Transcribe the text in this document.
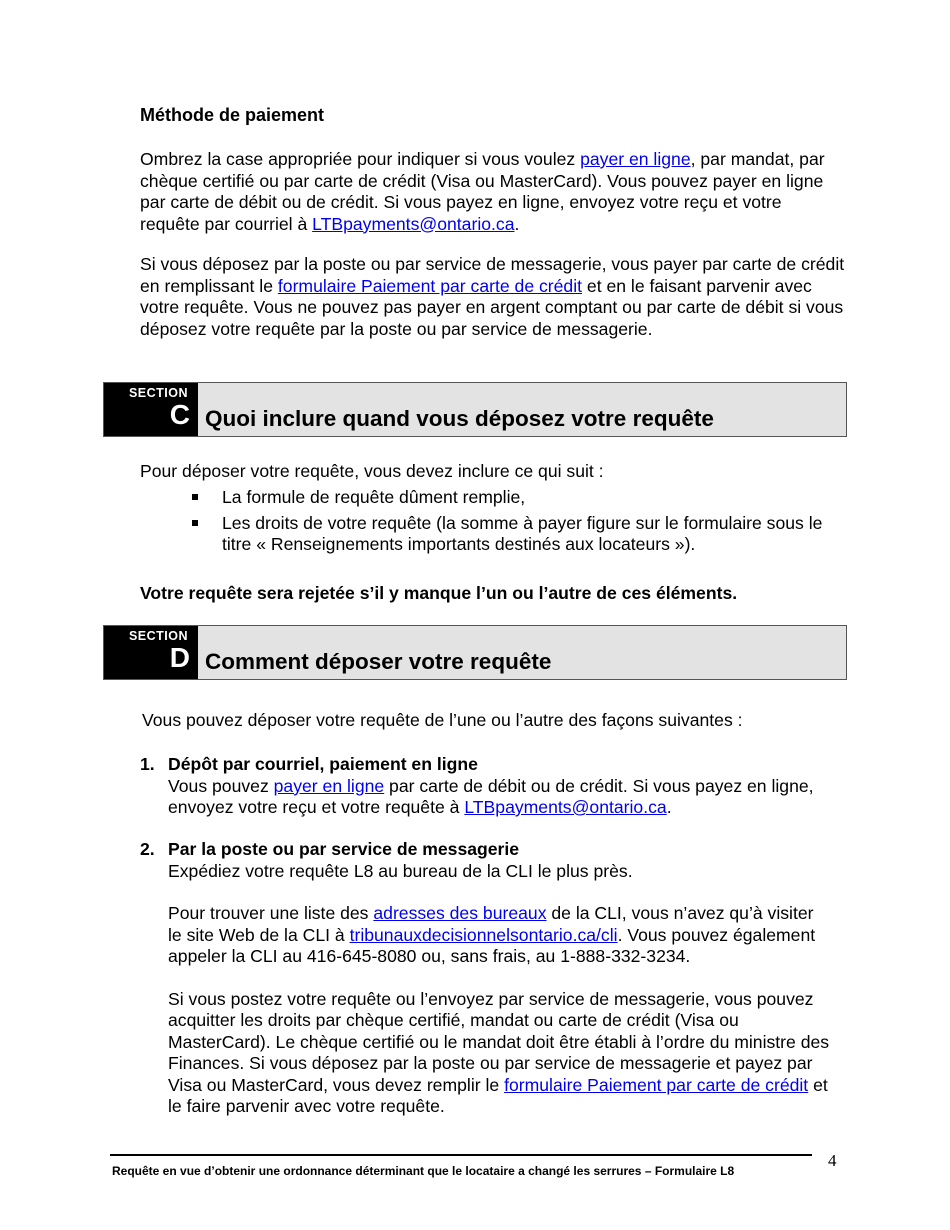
Méthode de paiement

Ombrez la case appropriée pour indiquer si vous voulez payer en ligne, par mandat, par chèque certifié ou par carte de crédit (Visa ou MasterCard). Vous pouvez payer en ligne par carte de débit ou de crédit. Si vous payez en ligne, envoyez votre reçu et votre requête par courriel à LTBpayments@ontario.ca.

Si vous déposez par la poste ou par service de messagerie, vous payer par carte de crédit en remplissant le formulaire Paiement par carte de crédit et en le faisant parvenir avec votre requête. Vous ne pouvez pas payer en argent comptant ou par carte de débit si vous déposez votre requête par la poste ou par service de messagerie.

SECTION
C Quoi inclure quand vous déposez votre requête

Pour déposer votre requête, vous devez inclure ce qui suit :

La formule de requête dûment remplie,
Les droits de votre requête (la somme à payer figure sur le formulaire sous le titre « Renseignements importants destinés aux locateurs »).

Votre requête sera rejetée s’il y manque l’un ou l’autre de ces éléments.

SECTION
D Comment déposer votre requête

Vous pouvez déposer votre requête de l’une ou l’autre des façons suivantes :

1. Dépôt par courriel, paiement en ligne

Vous pouvez payer en ligne par carte de débit ou de crédit. Si vous payez en ligne, envoyez votre reçu et votre requête à LTBpayments@ontario.ca.

2. Par la poste ou par service de messagerie

Expédiez votre requête L8 au bureau de la CLI le plus près.

Pour trouver une liste des adresses des bureaux de la CLI, vous n’avez qu’à visiter le site Web de la CLI à tribunauxdecisionnelsontario.ca/cli. Vous pouvez également appeler la CLI au 416-645-8080 ou, sans frais, au 1-888-332-3234.

Si vous postez votre requête ou l’envoyez par service de messagerie, vous pouvez acquitter les droits par chèque certifié, mandat ou carte de crédit (Visa ou MasterCard). Le chèque certifié ou le mandat doit être établi à l’ordre du ministre des Finances. Si vous déposez par la poste ou par service de messagerie et payez par Visa ou MasterCard, vous devez remplir le formulaire Paiement par carte de crédit et le faire parvenir avec votre requête.

Requête en vue d’obtenir une ordonnance déterminant que le locataire a changé les serrures – Formulaire L8
4
